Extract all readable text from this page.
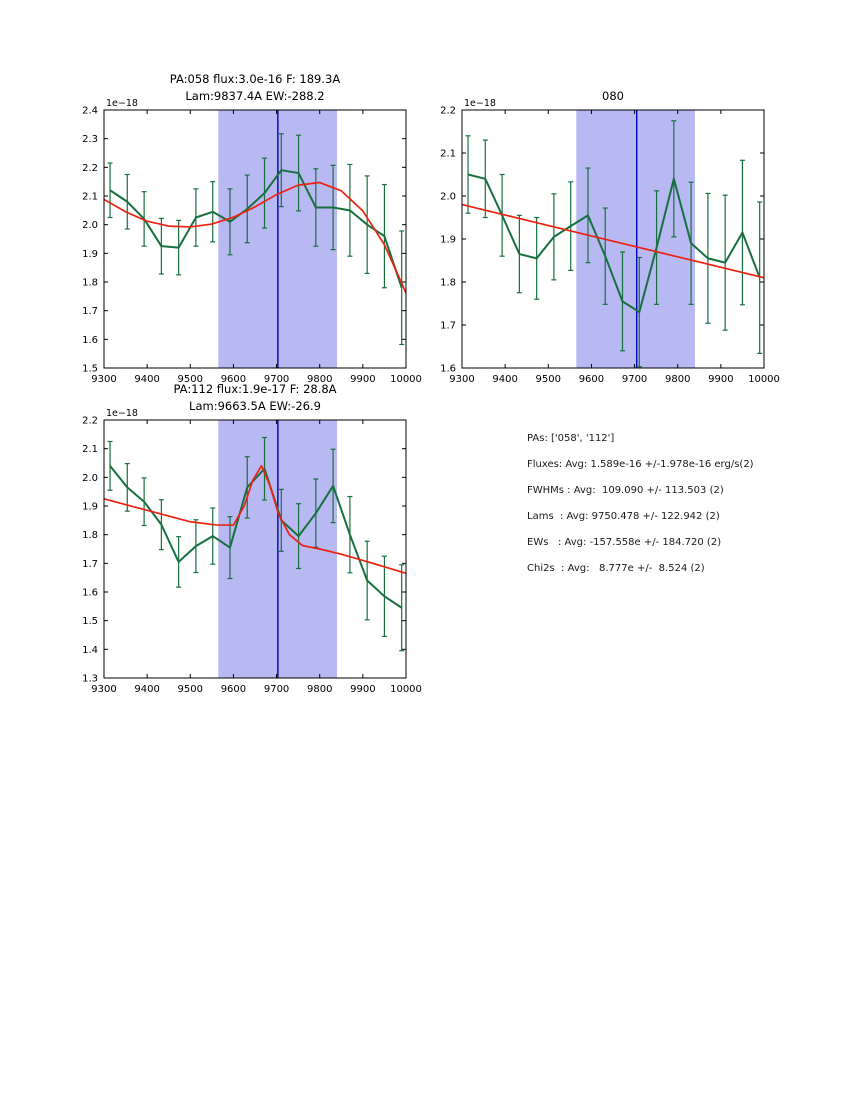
PA:058 flux:3.0e-16 F: 189.3A
Lam:9837.4A EW:-288.2	080
PA:112 flux:1.9e-17 F: 28.8A
Lam:9663.5A EW:-26.9
9300 9400 9500 9600 9700 9800 9900 10000
1.5
1.6
1.7
1.8
1.9
2.0
2.1
2.2
2.3
2.4
1e−18
9300 9400 9500 9600 9700 9800 9900 10000
1.6
1.7
1.8
1.9
2.0
2.1
2.2
1e−18
9300 9400 9500 9600 9700 9800 9900 10000
1.3
1.4
1.5
1.6
1.7
1.8
1.9
2.0
2.1
2.2
1e−18
PAs: ['058', '112']
Fluxes: Avg: 1.589e-16 +/-1.978e-16 erg/s(2)
FWHMs : Avg:  109.090 +/- 113.503 (2)
Lams  : Avg: 9750.478 +/- 122.942 (2)
EWs   : Avg: -157.558e +/- 184.720 (2)
Chi2s  : Avg:   8.777e +/-  8.524 (2)
